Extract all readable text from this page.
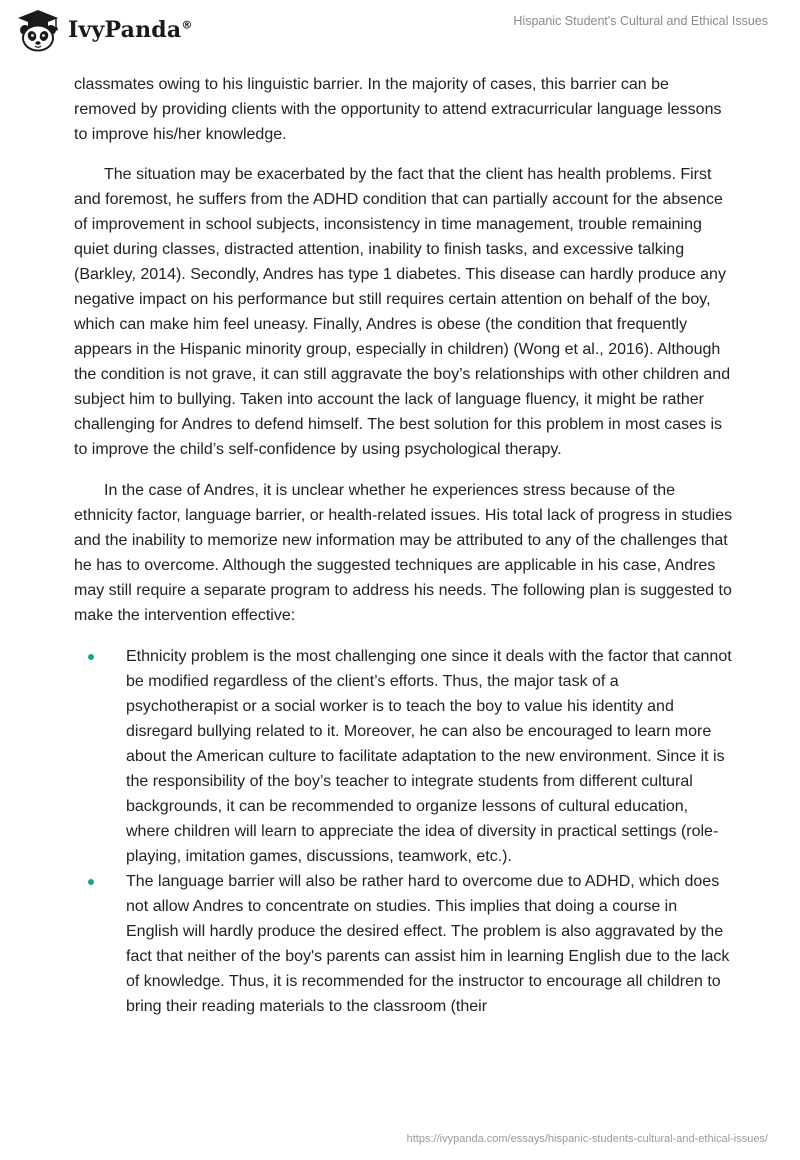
IvyPanda®	Hispanic Student's Cultural and Ethical Issues

classmates owing to his linguistic barrier. In the majority of cases, this barrier can be removed by providing clients with the opportunity to attend extracurricular language lessons to improve his/her knowledge.

The situation may be exacerbated by the fact that the client has health problems. First and foremost, he suffers from the ADHD condition that can partially account for the absence of improvement in school subjects, inconsistency in time management, trouble remaining quiet during classes, distracted attention, inability to finish tasks, and excessive talking (Barkley, 2014). Secondly, Andres has type 1 diabetes. This disease can hardly produce any negative impact on his performance but still requires certain attention on behalf of the boy, which can make him feel uneasy. Finally, Andres is obese (the condition that frequently appears in the Hispanic minority group, especially in children) (Wong et al., 2016). Although the condition is not grave, it can still aggravate the boy’s relationships with other children and subject him to bullying. Taken into account the lack of language fluency, it might be rather challenging for Andres to defend himself. The best solution for this problem in most cases is to improve the child’s self-confidence by using psychological therapy.

In the case of Andres, it is unclear whether he experiences stress because of the ethnicity factor, language barrier, or health-related issues. His total lack of progress in studies and the inability to memorize new information may be attributed to any of the challenges that he has to overcome. Although the suggested techniques are applicable in his case, Andres may still require a separate program to address his needs. The following plan is suggested to make the intervention effective:

Ethnicity problem is the most challenging one since it deals with the factor that cannot be modified regardless of the client’s efforts. Thus, the major task of a psychotherapist or a social worker is to teach the boy to value his identity and disregard bullying related to it. Moreover, he can also be encouraged to learn more about the American culture to facilitate adaptation to the new environment. Since it is the responsibility of the boy’s teacher to integrate students from different cultural backgrounds, it can be recommended to organize lessons of cultural education, where children will learn to appreciate the idea of diversity in practical settings (role-playing, imitation games, discussions, teamwork, etc.).
The language barrier will also be rather hard to overcome due to ADHD, which does not allow Andres to concentrate on studies. This implies that doing a course in English will hardly produce the desired effect. The problem is also aggravated by the fact that neither of the boy's parents can assist him in learning English due to the lack of knowledge. Thus, it is recommended for the instructor to encourage all children to bring their reading materials to the classroom (their
https://ivypanda.com/essays/hispanic-students-cultural-and-ethical-issues/
